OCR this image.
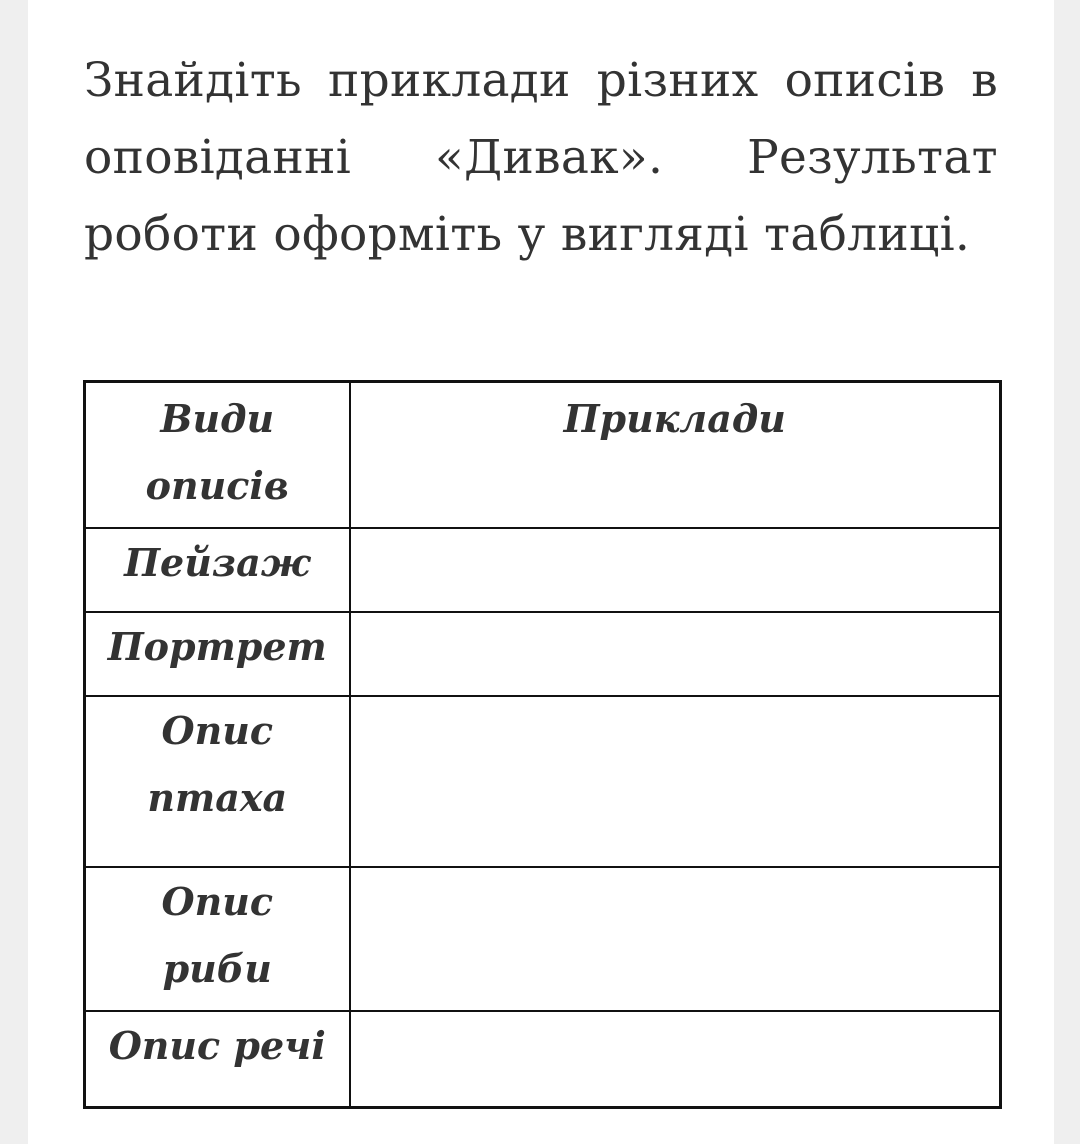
Знайдіть приклади різних описів в оповіданні «Дивак». Результат роботи оформіть у вигляді таблиці.

Види
описів	Приклади

Пейзаж	

Портрет	

Опис
птаха	

Опис
риби	

Опис речі	
